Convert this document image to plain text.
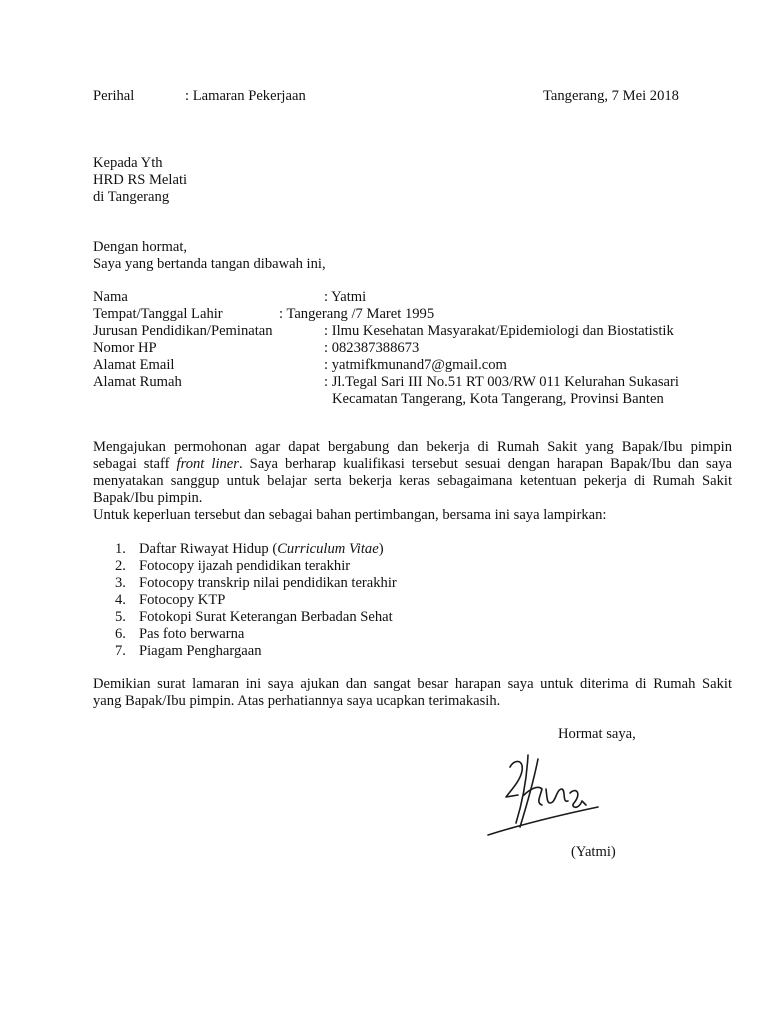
Perihal	: Lamaran Pekerjaan	Tangerang, 7 Mei 2018
Kepada Yth
HRD RS Melati
di Tangerang
Dengan hormat,
Saya yang bertanda tangan dibawah ini,
Nama	: Yatmi
Tempat/Tanggal Lahir	: Tangerang /7 Maret 1995
Jurusan Pendidikan/Peminatan	: Ilmu Kesehatan Masyarakat/Epidemiologi dan Biostatistik
Nomor HP	: 082387388673
Alamat Email	: yatmifkmunand7@gmail.com
Alamat Rumah	: Jl.Tegal Sari III No.51 RT 003/RW 011 Kelurahan Sukasari
Kecamatan Tangerang, Kota Tangerang, Provinsi Banten
Mengajukan permohonan agar dapat bergabung dan bekerja di Rumah Sakit yang Bapak/Ibu pimpin
sebagai staff front liner. Saya berharap kualifikasi tersebut sesuai dengan harapan Bapak/Ibu dan saya
menyatakan sanggup untuk belajar serta bekerja keras sebagaimana ketentuan pekerja di Rumah Sakit
Bapak/Ibu pimpin.
Untuk keperluan tersebut dan sebagai bahan pertimbangan, bersama ini saya lampirkan:
1. Daftar Riwayat Hidup (Curriculum Vitae)
2. Fotocopy ijazah pendidikan terakhir
3. Fotocopy transkrip nilai pendidikan terakhir
4. Fotocopy KTP
5. Fotokopi Surat Keterangan Berbadan Sehat
6. Pas foto berwarna
7. Piagam Penghargaan
Demikian surat lamaran ini saya ajukan dan sangat besar harapan saya untuk diterima di Rumah Sakit
yang Bapak/Ibu pimpin. Atas perhatiannya saya ucapkan terimakasih.
Hormat saya,
(Yatmi)
